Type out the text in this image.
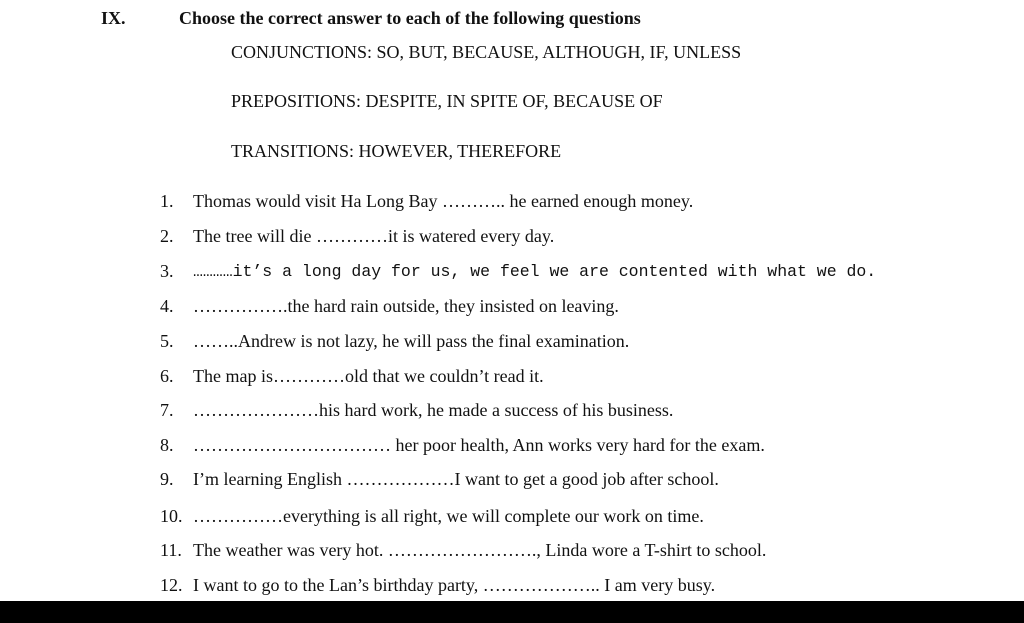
IX.	Choose the correct answer to each of the following questions
CONJUNCTIONS: SO, BUT, BECAUSE, ALTHOUGH, IF, UNLESS
PREPOSITIONS: DESPITE, IN SPITE OF, BECAUSE OF
TRANSITIONS: HOWEVER, THEREFORE
1.	Thomas would visit Ha Long Bay ……….. he earned enough money.
2.	The tree will die …………it is watered every day.
3.	…………it’s a long day for us, we feel we are contented with what we do.
4.	…………….the hard rain outside, they insisted on leaving.
5.	……..Andrew is not lazy, he will pass the final examination.
6.	The map is…………old that we couldn’t read it.
7.	…………………his hard work, he made a success of his business.
8.	…………………………… her poor health, Ann works very hard for the exam.
9.	I’m learning English ………………I want to get a good job after school.
10. ……………everything is all right, we will complete our work on time.
11. The weather was very hot. ……………………., Linda wore a T-shirt to school.
12. I want to go to the Lan’s birthday party, ……………….. I am very busy.
